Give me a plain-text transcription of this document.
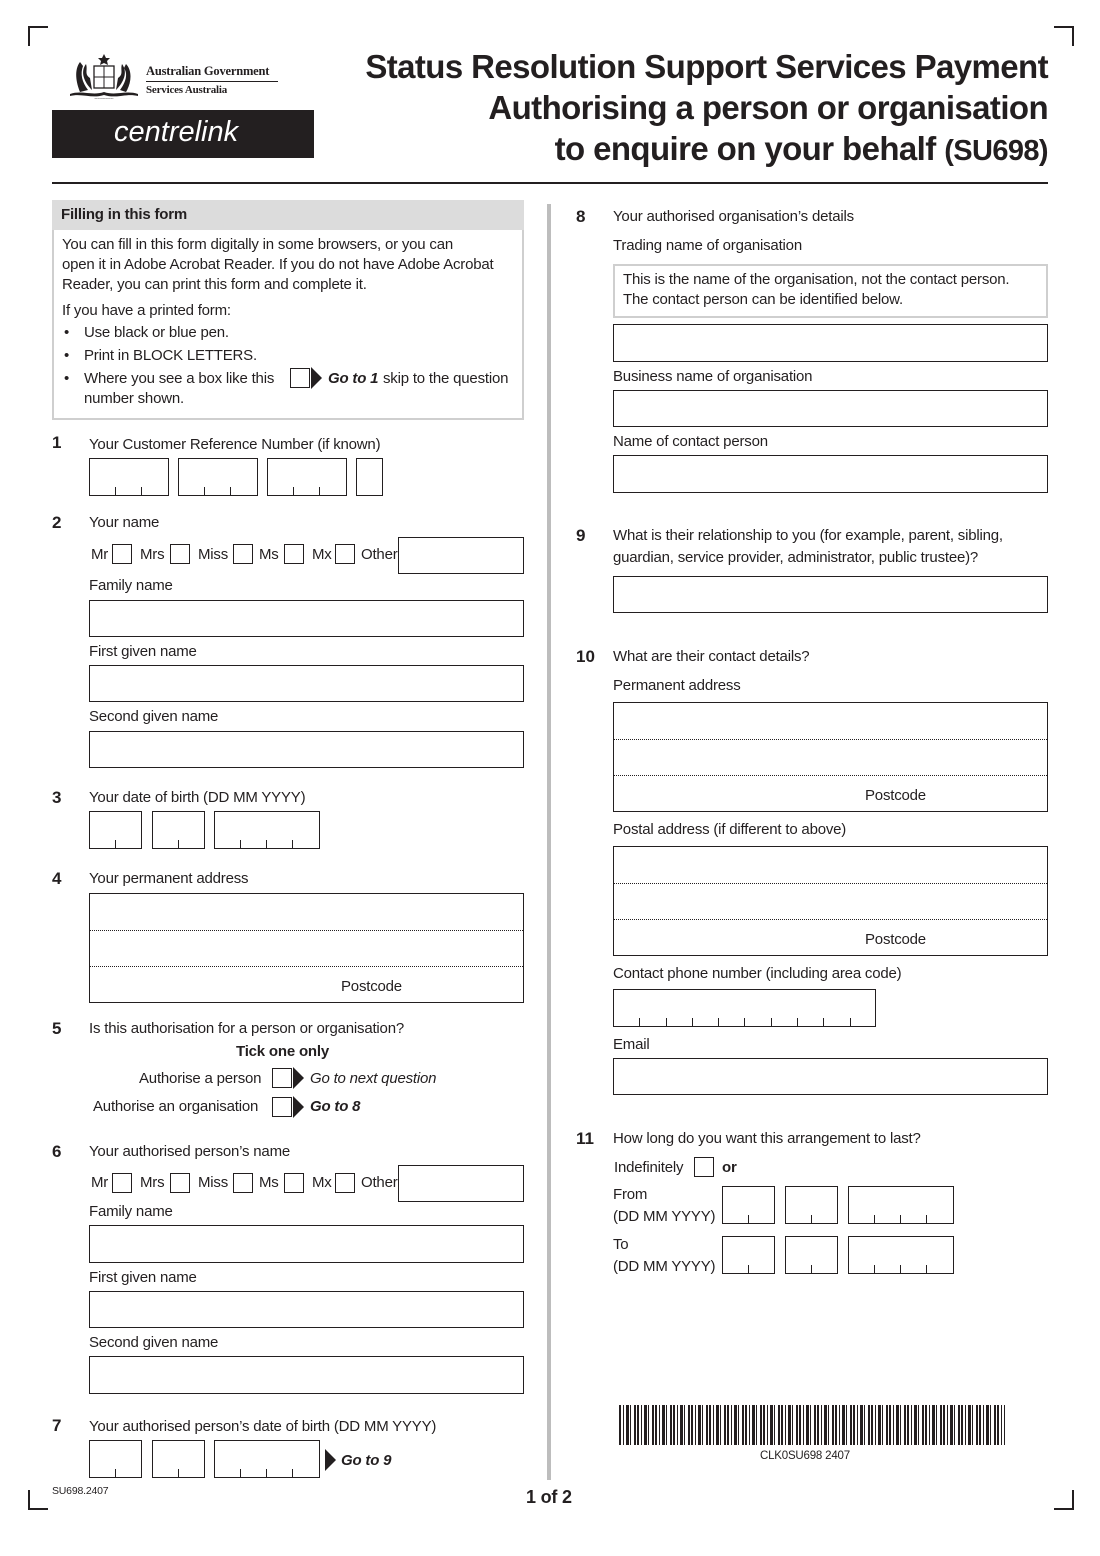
~~~~~~~
Australian Government
Services Australia
centrelink
Status Resolution Support Services Payment
Authorising a person or organisation
to enquire on your behalf (SU698)
Filling in this form
You can fill in this form digitally in some browsers, or you can
open it in Adobe Acrobat Reader. If you do not have Adobe Acrobat
Reader, you can print this form and complete it.
If you have a printed form:
• Use black or blue pen.
• Print in BLOCK LETTERS.
• Where you see a box like this	Go to 1 skip to the question
number shown.
1 Your Customer Reference Number (if known)
2 Your name
Mr Mrs Miss Ms Mx Other
Family name
First given name
Second given name
3 Your date of birth (DD MM YYYY)
4 Your permanent address
Postcode
5 Is this authorisation for a person or organisation?
Tick one only
Authorise a person	Go to next question
Authorise an organisation	Go to 8
6 Your authorised person’s name
Mr Mrs Miss Ms Mx Other
Family name
First given name
Second given name
7 Your authorised person’s date of birth (DD MM YYYY)
Go to 9
8 Your authorised organisation’s details
Trading name of organisation
This is the name of the organisation, not the contact person.
The contact person can be identified below.
Business name of organisation
Name of contact person
9 What is their relationship to you (for example, parent, sibling,
guardian, service provider, administrator, public trustee)?
10 What are their contact details?
Permanent address
Postcode
Postal address (if different to above)
Postcode
Contact phone number (including area code)
Email
11 How long do you want this arrangement to last?
Indefinitely	or
From
(DD MM YYYY)
To
(DD MM YYYY)
CLK0SU698 2407
SU698.2407	1 of 2
